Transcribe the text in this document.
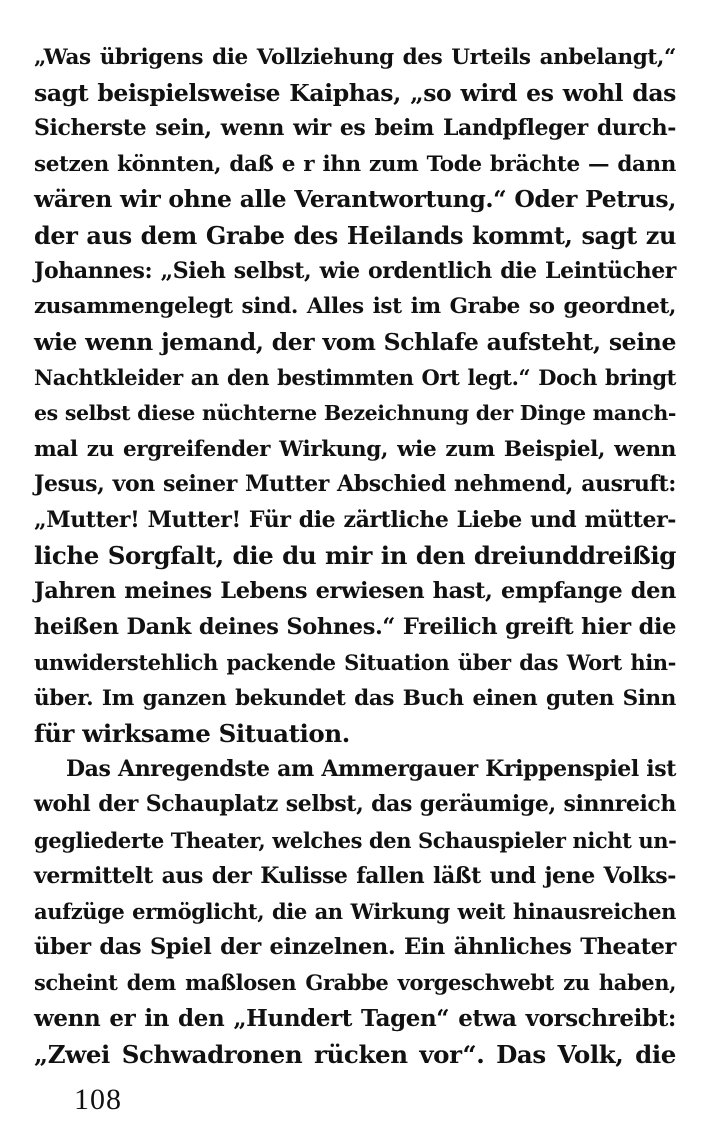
„Was übrigens die Vollziehung des Urteils anbelangt,“
sagt beispielsweise Kaiphas, „so wird es wohl das
Sicherste sein, wenn wir es beim Landpfleger durch-
setzen könnten, daß e r ihn zum Tode brächte — dann
wären wir ohne alle Verantwortung.“ Oder Petrus,
der aus dem Grabe des Heilands kommt, sagt zu
Johannes: „Sieh selbst, wie ordentlich die Leintücher
zusammengelegt sind. Alles ist im Grabe so geordnet,
wie wenn jemand, der vom Schlafe aufsteht, seine
Nachtkleider an den bestimmten Ort legt.“ Doch bringt
es selbst diese nüchterne Bezeichnung der Dinge manch-
mal zu ergreifender Wirkung, wie zum Beispiel, wenn
Jesus, von seiner Mutter Abschied nehmend, ausruft:
„Mutter! Mutter! Für die zärtliche Liebe und mütter-
liche Sorgfalt, die du mir in den dreiunddreißig
Jahren meines Lebens erwiesen hast, empfange den
heißen Dank deines Sohnes.“ Freilich greift hier die
unwiderstehlich packende Situation über das Wort hin-
über. Im ganzen bekundet das Buch einen guten Sinn
für wirksame Situation.
Das Anregendste am Ammergauer Krippenspiel ist
wohl der Schauplatz selbst, das geräumige, sinnreich
gegliederte Theater, welches den Schauspieler nicht un-
vermittelt aus der Kulisse fallen läßt und jene Volks-
aufzüge ermöglicht, die an Wirkung weit hinausreichen
über das Spiel der einzelnen. Ein ähnliches Theater
scheint dem maßlosen Grabbe vorgeschwebt zu haben,
wenn er in den „Hundert Tagen“ etwa vorschreibt:
„Zwei Schwadronen rücken vor“. Das Volk, die
108
